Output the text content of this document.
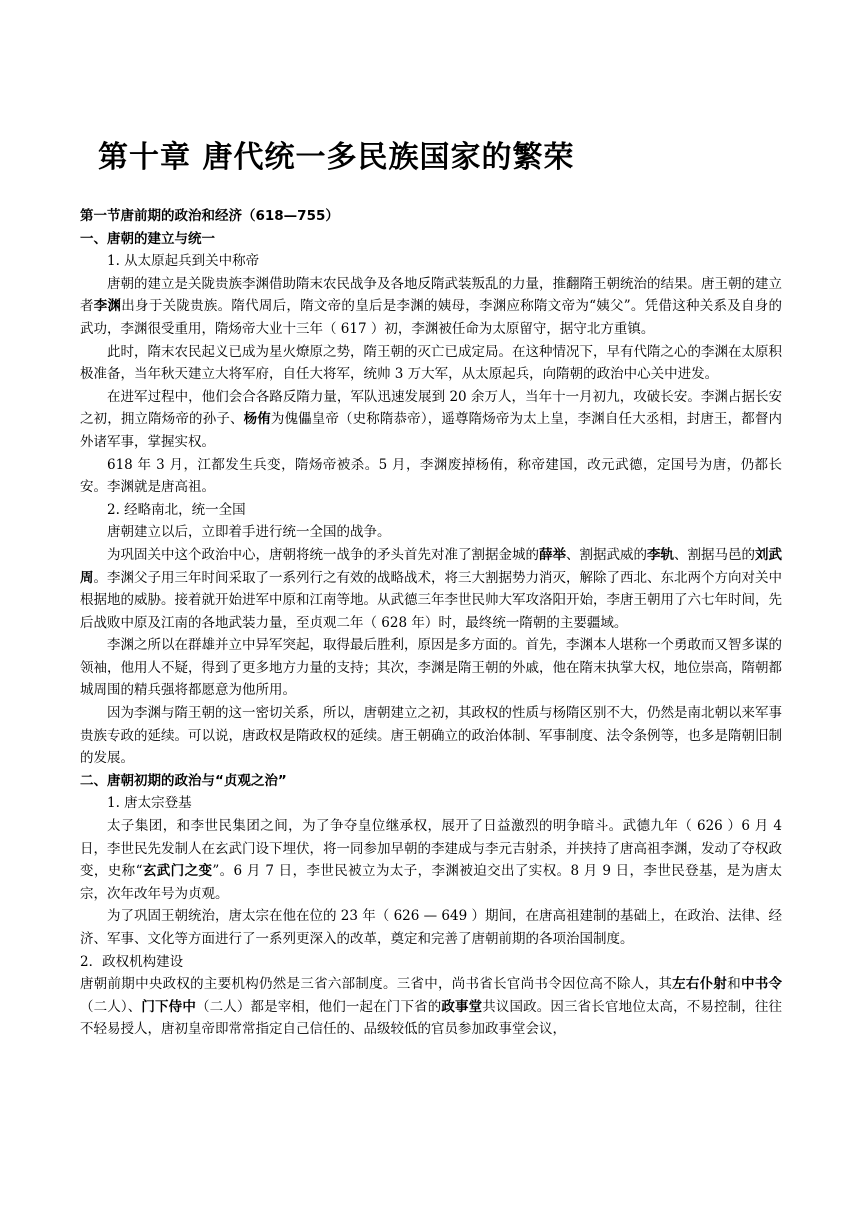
第十章 唐代统一多民族国家的繁荣

第一节唐前期的政治和经济（618—755）

一、唐朝的建立与统一

1. 从太原起兵到关中称帝

唐朝的建立是关陇贵族李渊借助隋末农民战争及各地反隋武装叛乱的力量，推翻隋王朝统治的结果。唐王朝的建立者李渊出身于关陇贵族。隋代周后，隋文帝的皇后是李渊的姨母，李渊应称隋文帝为“姨父”。凭借这种关系及自身的武功，李渊很受重用，隋炀帝大业十三年（ 617 ）初，李渊被任命为太原留守，据守北方重镇。

此时，隋末农民起义已成为星火燎原之势，隋王朝的灭亡已成定局。在这种情况下，早有代隋之心的李渊在太原积极准备，当年秋天建立大将军府，自任大将军，统帅 3 万大军，从太原起兵，向隋朝的政治中心关中进发。

在进军过程中，他们会合各路反隋力量，军队迅速发展到 20 余万人，当年十一月初九，攻破长安。李渊占据长安之初，拥立隋炀帝的孙子、杨侑为傀儡皇帝（史称隋恭帝），遥尊隋炀帝为太上皇，李渊自任大丞相，封唐王，都督内外诸军事，掌握实权。

618 年 3 月，江都发生兵变，隋炀帝被杀。5 月，李渊废掉杨侑，称帝建国，改元武德，定国号为唐，仍都长安。李渊就是唐高祖。

2. 经略南北，统一全国

唐朝建立以后，立即着手进行统一全国的战争。

为巩固关中这个政治中心，唐朝将统一战争的矛头首先对准了割据金城的薛举、割据武威的李轨、割据马邑的刘武周。李渊父子用三年时间采取了一系列行之有效的战略战术，将三大割据势力消灭，解除了西北、东北两个方向对关中根据地的威胁。接着就开始进军中原和江南等地。从武德三年李世民帅大军攻洛阳开始，李唐王朝用了六七年时间，先后战败中原及江南的各地武装力量，至贞观二年（ 628 年）时，最终统一隋朝的主要疆域。

李渊之所以在群雄并立中异军突起，取得最后胜利，原因是多方面的。首先，李渊本人堪称一个勇敢而又智多谋的领袖，他用人不疑，得到了更多地方力量的支持；其次，李渊是隋王朝的外戚，他在隋末执掌大权，地位崇高，隋朝都城周围的精兵强将都愿意为他所用。

因为李渊与隋王朝的这一密切关系，所以，唐朝建立之初，其政权的性质与杨隋区别不大，仍然是南北朝以来军事贵族专政的延续。可以说，唐政权是隋政权的延续。唐王朝确立的政治体制、军事制度、法令条例等，也多是隋朝旧制的发展。

二、唐朝初期的政治与“贞观之治”

1. 唐太宗登基

太子集团，和李世民集团之间，为了争夺皇位继承权，展开了日益激烈的明争暗斗。武德九年（ 626 ）6 月 4 日，李世民先发制人在玄武门设下埋伏，将一同参加早朝的李建成与李元吉射杀，并挟持了唐高祖李渊，发动了夺权政变，史称“玄武门之变”。6 月 7 日，李世民被立为太子，李渊被迫交出了实权。8 月 9 日，李世民登基，是为唐太宗，次年改年号为贞观。

为了巩固王朝统治，唐太宗在他在位的 23 年（ 626 — 649 ）期间，在唐高祖建制的基础上，在政治、法律、经济、军事、文化等方面进行了一系列更深入的改革，奠定和完善了唐朝前期的各项治国制度。

2．政权机构建设

唐朝前期中央政权的主要机构仍然是三省六部制度。三省中，尚书省长官尚书令因位高不除人，其左右仆射和中书令（二人）、门下侍中（二人）都是宰相，他们一起在门下省的政事堂共议国政。因三省长官地位太高，不易控制，往往不轻易授人，唐初皇帝即常常指定自己信任的、品级较低的官员参加政事堂会议，
